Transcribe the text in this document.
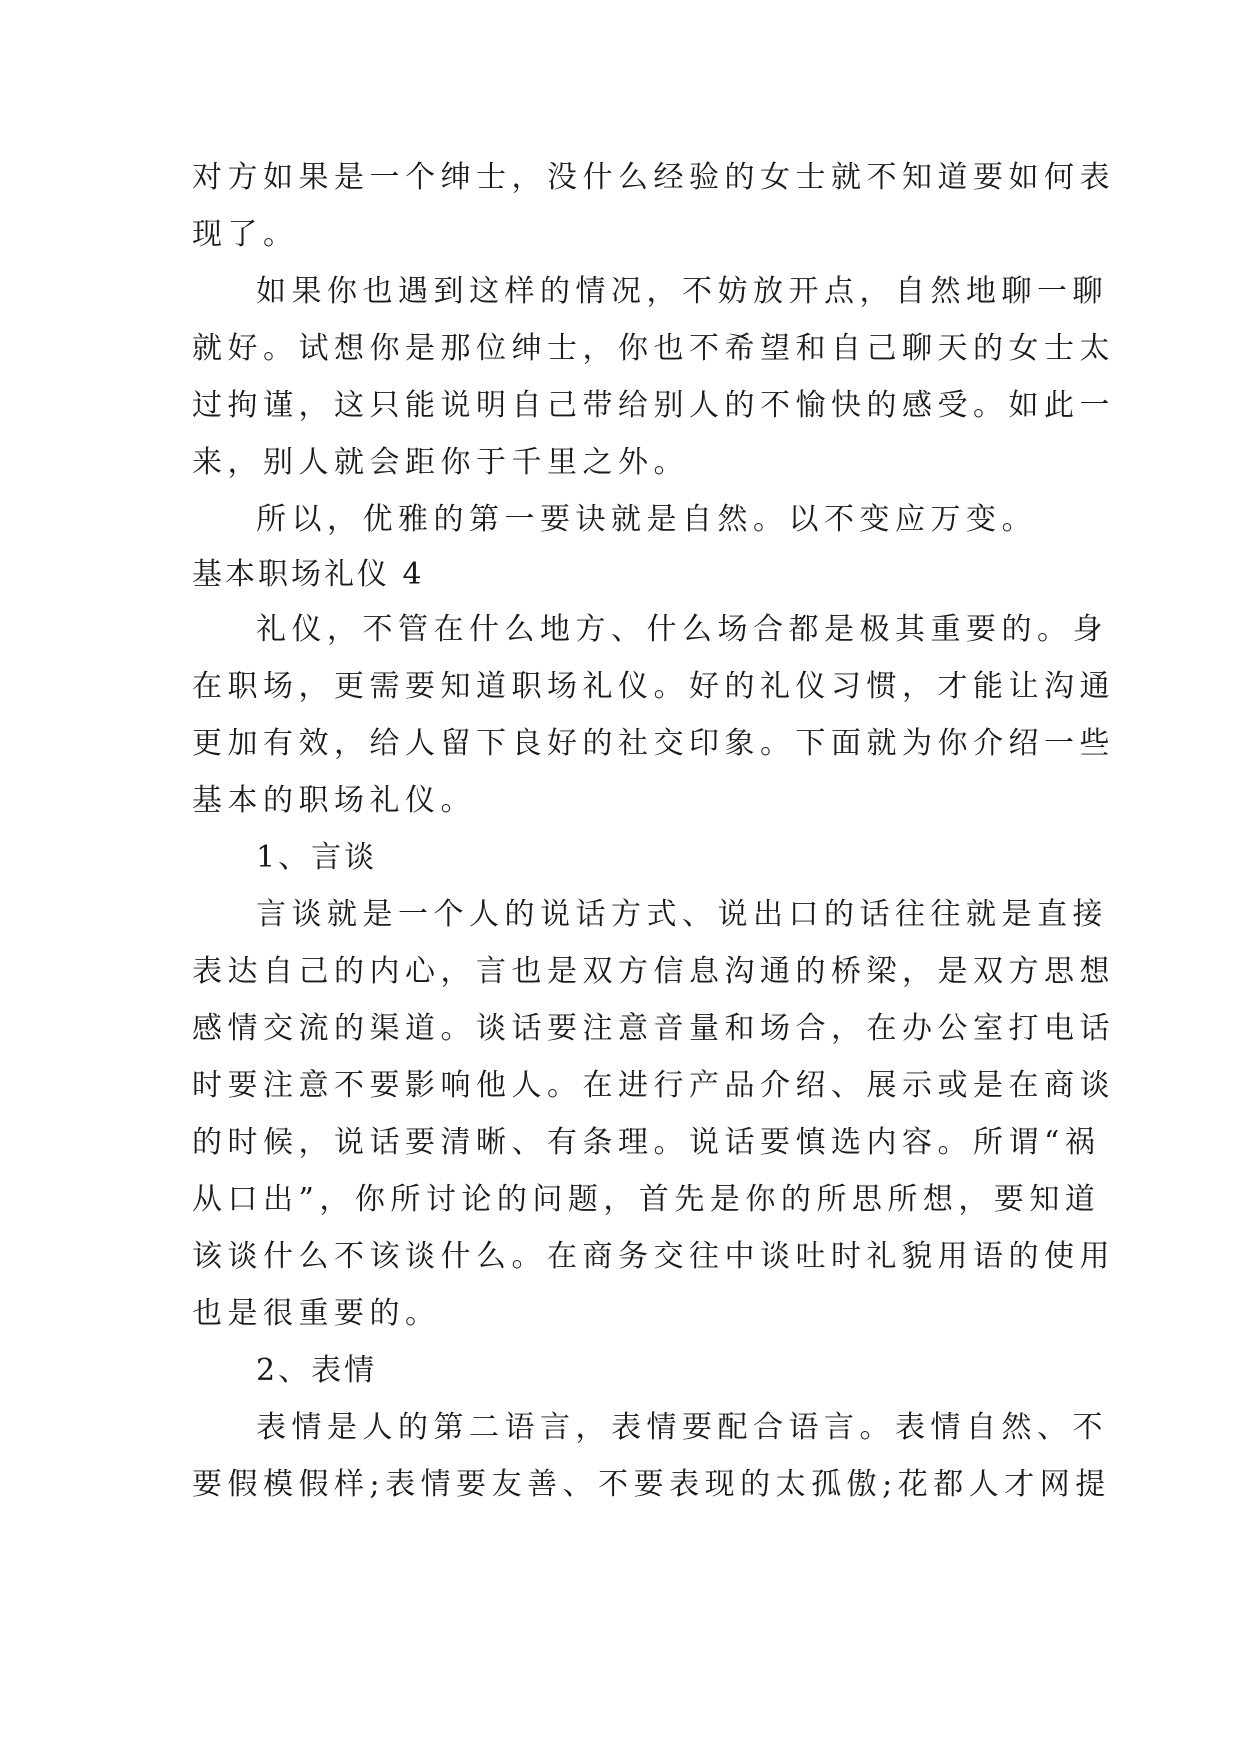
对方如果是一个绅士，没什么经验的女士就不知道要如何表
现了。
如果你也遇到这样的情况，不妨放开点，自然地聊一聊
就好。试想你是那位绅士，你也不希望和自己聊天的女士太
过拘谨，这只能说明自己带给别人的不愉快的感受。如此一
来，别人就会距你于千里之外。
所以，优雅的第一要诀就是自然。以不变应万变。
基本职场礼仪 4
礼仪，不管在什么地方、什么场合都是极其重要的。身
在职场，更需要知道职场礼仪。好的礼仪习惯，才能让沟通
更加有效，给人留下良好的社交印象。下面就为你介绍一些
基本的职场礼仪。
1、言谈
言谈就是一个人的说话方式、说出口的话往往就是直接
表达自己的内心，言也是双方信息沟通的桥梁，是双方思想
感情交流的渠道。谈话要注意音量和场合，在办公室打电话
时要注意不要影响他人。在进行产品介绍、展示或是在商谈
的时候，说话要清晰、有条理。说话要慎选内容。所谓“祸
从口出”，你所讨论的问题，首先是你的所思所想，要知道
该谈什么不该谈什么。在商务交往中谈吐时礼貌用语的使用
也是很重要的。
2、表情
表情是人的第二语言，表情要配合语言。表情自然、不
要假模假样;表情要友善、不要表现的太孤傲;花都人才网提
